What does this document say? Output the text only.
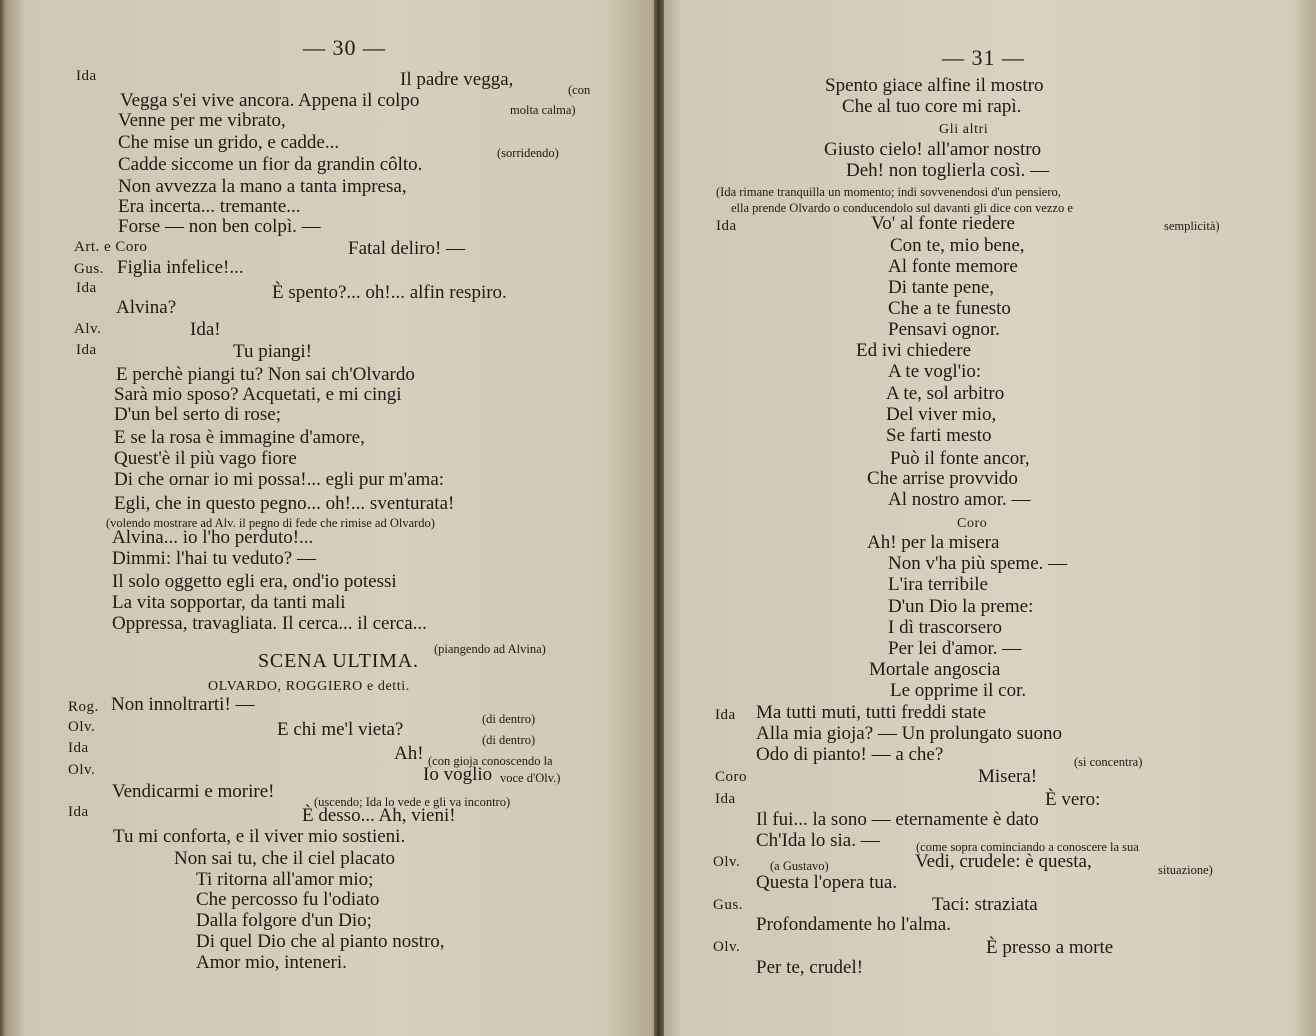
— 30 —
Ida	Il padre vegga,	(con
Vegga s'ei vive ancora. Appena il colpo	molta calma)
Venne per me vibrato,
Che mise un grido, e cadde...	(sorridendo)
Cadde siccome un fior da grandin côlto.
Non avvezza la mano a tanta impresa,
Era incerta... tremante...
Forse — non ben colpì. —
Art. e Coro	Fatal deliro! —
Gus. Figlia infelice!...
Ida	È spento?... oh!... alfin respiro.
Alvina?
Alv.	Ida!
Ida	Tu piangi!
E perchè piangi tu? Non sai ch'Olvardo
Sarà mio sposo? Acquetati, e mi cingi
D'un bel serto di rose;
E se la rosa è immagine d'amore,
Quest'è il più vago fiore
Di che ornar io mi possa!... egli pur m'ama:
Egli, che in questo pegno... oh!... sventurata!
(volendo mostrare ad Alv. il pegno di fede che rimise ad Olvardo)
Alvina... io l'ho perduto!...
Dimmi: l'hai tu veduto? —
Il solo oggetto egli era, ond'io potessi
La vita sopportar, da tanti mali
Oppressa, travagliata. Il cerca... il cerca...
(piangendo ad Alvina)
SCENA ULTIMA.
OLVARDO, ROGGIERO e detti.
Rog. Non innoltrarti! —
(di dentro)
Olv.	E chi me'l vieta?	(di dentro)
Ida	Ah! (con gioja conoscendo la
Olv.	Io voglio voce d'Olv.)
Vendicarmi e morire!	(uscendo; Ida lo vede e gli va incontro)
Ida	È desso... Ah, vieni!
Tu mi conforta, e il viver mio sostieni.
Non sai tu, che il ciel placato
Ti ritorna all'amor mio;
Che percosso fu l'odiato
Dalla folgore d'un Dio;
Di quel Dio che al pianto nostro,
Amor mio, inteneri.
— 31 —
Spento giace alfine il mostro
Che al tuo core mi rapì.
Gli altri
Giusto cielo! all'amor nostro
Deh! non toglierla così. —
(Ida rimane tranquilla un momento; indi sovvenendosi d'un pensiero,
ella prende Olvardo o conducendolo sul davanti gli dice con vezzo e
Ida	Vo' al fonte riedere	semplicità)
Con te, mio bene,
Al fonte memore
Di tante pene,
Che a te funesto
Pensavi ognor.
Ed ivi chiedere
A te vogl'io:
A te, sol arbitro
Del viver mio,
Se farti mesto
Può il fonte ancor,
Che arrise provvido
Al nostro amor. —
Coro
Ah! per la misera
Non v'ha più speme. —
L'ira terribile
D'un Dio la preme:
I dì trascorsero
Per lei d'amor. —
Mortale angoscia
Le opprime il cor.
Ida Ma tutti muti, tutti freddi state
Alla mia gioja? — Un prolungato suono
Odo di pianto! — a che?	(si concentra)
Coro	Misera!
Ida	È vero:
Il fui... la sono — eternamente è dato
Ch'Ida lo sia. —	(come sopra cominciando a conoscere la sua
Olv. (a Gustavo)	Vedi, crudele: è questa,	situazione)
Questa l'opera tua.
Gus.	Taci: straziata
Profondamente ho l'alma.
Olv.	È presso a morte
Per te, crudel!
